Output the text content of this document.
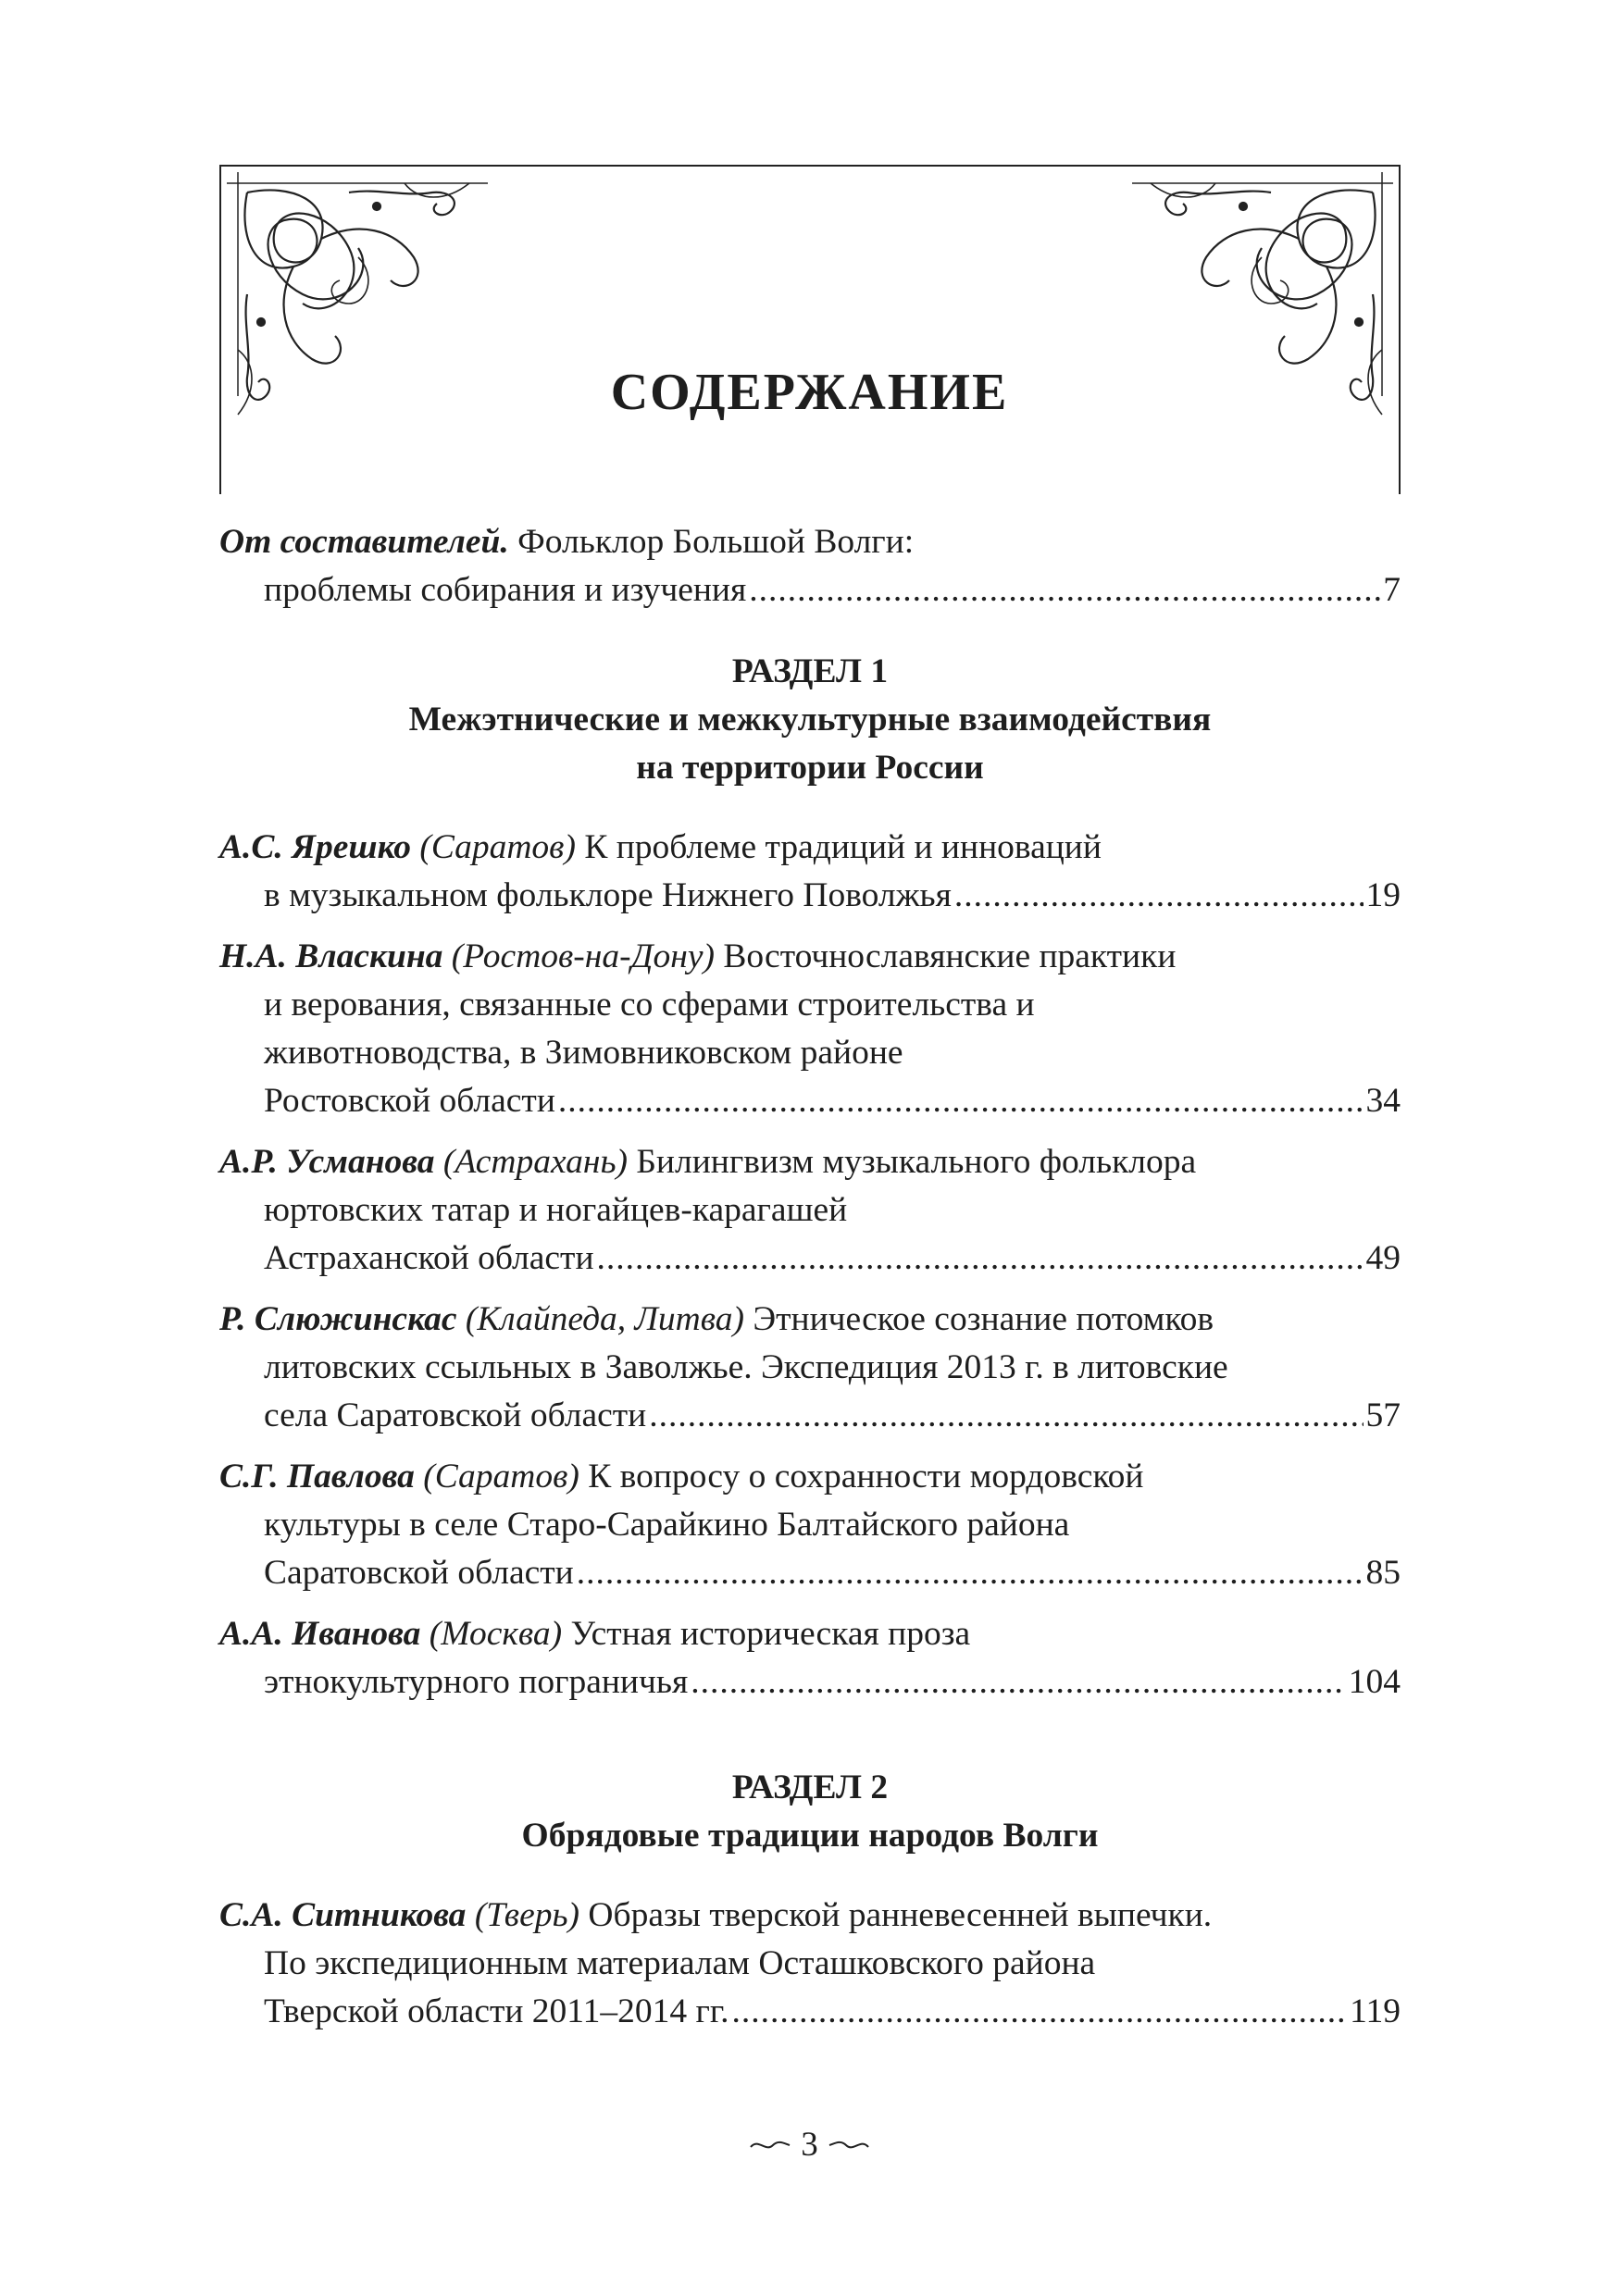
СОДЕРЖАНИЕ
От составителей. Фольклор Большой Волги:
проблемы собирания и изучения .....	7
РАЗДЕЛ 1
Межэтнические и межкультурные взаимодействия
на территории России
А.С. Ярешко (Саратов) К проблеме традиций и инноваций
в музыкальном фольклоре Нижнего Поволжья .....	19
Н.А. Власкина (Ростов-на-Дону) Восточнославянские практики
и верования, связанные со сферами строительства и
животноводства, в Зимовниковском районе
Ростовской области .....	34
А.Р. Усманова (Астрахань) Билингвизм музыкального фольклора
юртовских татар и ногайцев-карагашей
Астраханской области .....	49
Р. Слюжинскас (Клайпеда, Литва) Этническое сознание потомков
литовских ссыльных в Заволжье. Экспедиция 2013 г. в литовские
села Саратовской области .....	57
С.Г. Павлова (Саратов) К вопросу о сохранности мордовской
культуры в селе Старо-Сарайкино Балтайского района
Саратовской области .....	85
А.А. Иванова (Москва) Устная историческая проза
этнокультурного пограничья .....	104
РАЗДЕЛ 2
Обрядовые традиции народов Волги
С.А. Ситникова (Тверь) Образы тверской ранневесенней выпечки.
По экспедиционным материалам Осташковского района
Тверской области 2011–2014 гг. .....	119
3
